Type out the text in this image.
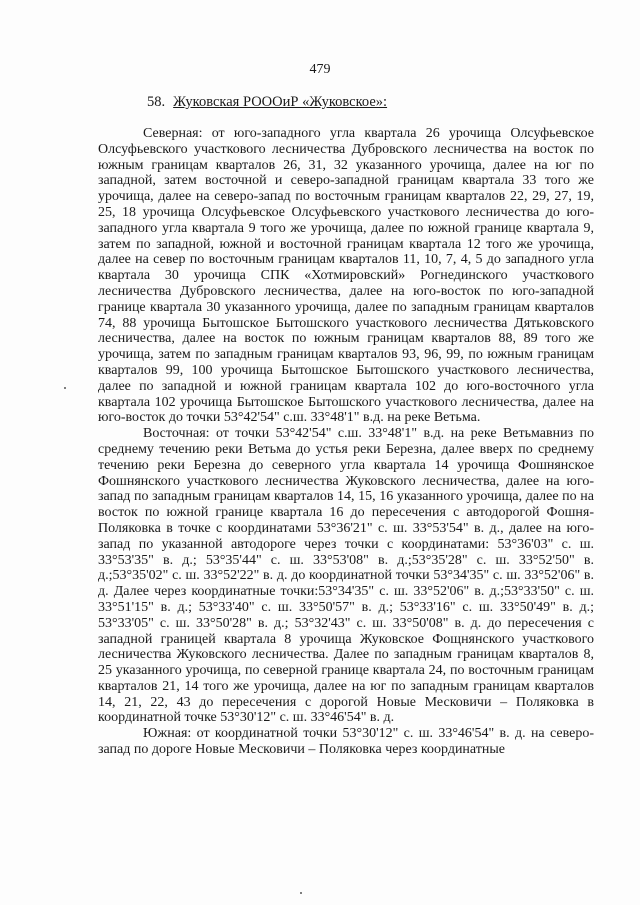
479
58. Жуковская РОООиР «Жуковское»:

Северная: от юго-западного угла квартала 26 урочища Олсуфьевское Олсуфьевского участкового лесничества Дубровского лесничества на восток по южным границам кварталов 26, 31, 32 указанного урочища, далее на юг по западной, затем восточной и северо-западной границам квартала 33 того же урочища, далее на северо-запад по восточным границам кварталов 22, 29, 27, 19, 25, 18 урочища Олсуфьевское Олсуфьевского участкового лесничества до юго-западного угла квартала 9 того же урочища, далее по южной границе квартала 9, затем по западной, южной и восточной границам квартала 12 того же урочища, далее на север по восточным границам кварталов 11, 10, 7, 4, 5 до западного угла квартала 30 урочища СПК «Хотмировский» Рогнединского участкового лесничества Дубровского лесничества, далее на юго-восток по юго-западной границе квартала 30 указанного урочища, далее по западным границам кварталов 74, 88 урочища Бытошское Бытошского участкового лесничества Дятьковского лесничества, далее на восток по южным границам кварталов 88, 89 того же урочища, затем по западным границам кварталов 93, 96, 99, по южным границам кварталов 99, 100 урочища Бытошское Бытошского участкового лесничества, далее по западной и южной границам квартала 102 до юго-восточного угла квартала 102 урочища Бытошское Бытошского участкового лесничества, далее на юго-восток до точки 53°42'54" с.ш. 33°48'1" в.д. на реке Ветьма.

Восточная: от точки 53°42'54" с.ш. 33°48'1" в.д. на реке Ветьмавниз по среднему течению реки Ветьма до устья реки Березна, далее вверх по среднему течению реки Березна до северного угла квартала 14 урочища Фошнянское Фошнянского участкового лесничества Жуковского лесничества, далее на юго-запад по западным границам кварталов 14, 15, 16 указанного урочища, далее по на восток по южной границе квартала 16 до пересечения с автодорогой Фошня-Поляковка в точке с координатами 53°36'21" с. ш. 33°53'54" в. д., далее на юго-запад по указанной автодороге через точки с координатами: 53°36'03" с. ш. 33°53'35" в. д.; 53°35'44" с. ш. 33°53'08" в. д.;53°35'28" с. ш. 33°52'50" в. д.;53°35'02" с. ш. 33°52'22" в. д. до координатной точки 53°34'35" с. ш. 33°52'06" в. д. Далее через координатные точки:53°34'35" с. ш. 33°52'06" в. д.;53°33'50" с. ш. 33°51'15" в. д.; 53°33'40" с. ш. 33°50'57" в. д.; 53°33'16" с. ш. 33°50'49" в. д.; 53°33'05" с. ш. 33°50'28" в. д.; 53°32'43" с. ш. 33°50'08" в. д. до пересечения с западной границей квартала 8 урочища Жуковское Фощнянского участкового лесничества Жуковского лесничества. Далее по западным границам кварталов 8, 25 указанного урочища, по северной границе квартала 24, по восточным границам кварталов 21, 14 того же урочища, далее на юг по западным границам кварталов 14, 21, 22, 43 до пересечения с дорогой Новые Месковичи – Поляковка в координатной точке 53°30'12" с. ш. 33°46'54" в. д.

Южная: от координатной точки 53°30'12" с. ш. 33°46'54" в. д. на северо-запад по дороге Новые Месковичи – Поляковка через координатные
